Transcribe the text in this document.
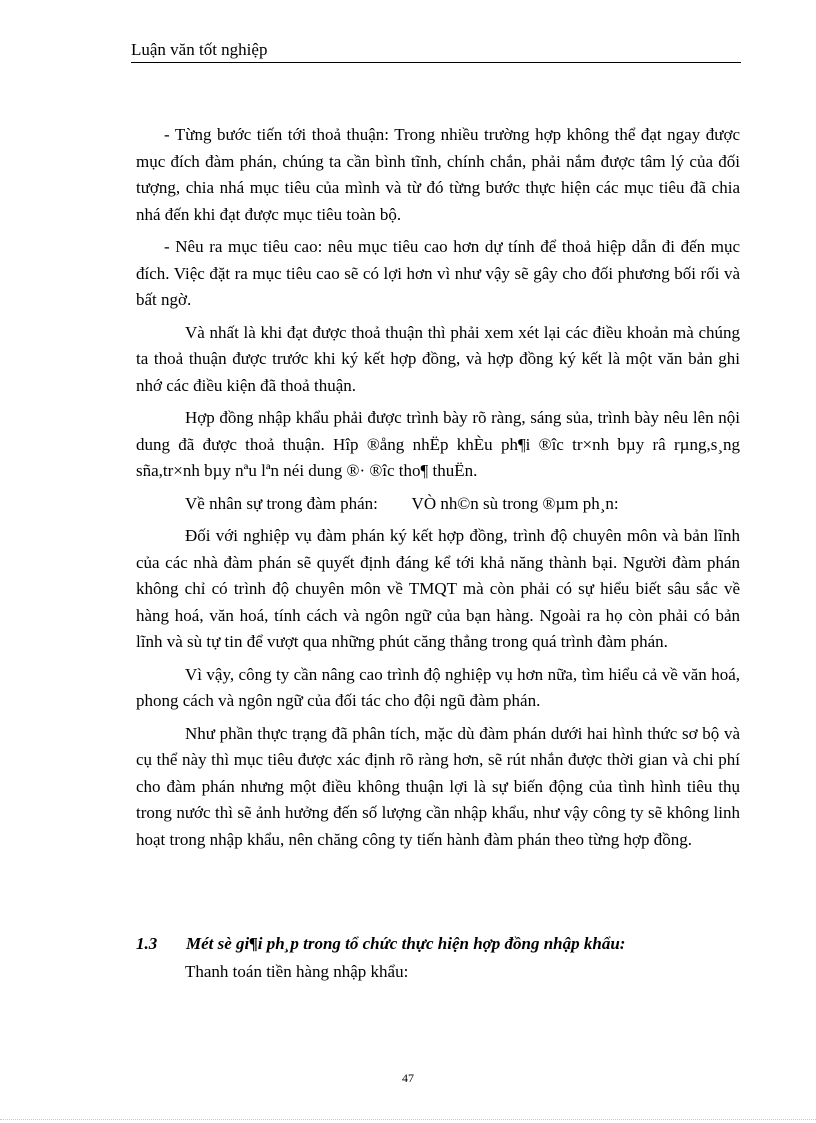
Luận văn tốt nghiệp

- Từng bước tiến tới thoả thuận: Trong nhiều trường hợp không thể đạt ngay được mục đích đàm phán, chúng ta cần bình tĩnh, chính chắn, phải nắm được tâm lý của đối tượng, chia nhá mục tiêu của mình và từ đó từng bước thực hiện các mục tiêu đã chia nhá đến khi đạt được mục tiêu toàn bộ.

- Nêu ra mục tiêu cao: nêu mục tiêu cao hơn dự tính để thoả hiệp dẫn đi đến mục đích. Việc đặt ra mục tiêu cao sẽ có lợi hơn vì như vậy sẽ gây cho đối phương bối rối và bất ngờ.

Và nhất là khi đạt được thoả thuận thì phải xem xét lại các điều khoản mà chúng ta thoả thuận được trước khi ký kết hợp đồng, và hợp đồng ký kết là một văn bản ghi nhớ các điều kiện đã thoả thuận.

Hợp đồng nhập khẩu phải được trình bày rõ ràng, sáng sủa, trình bày nêu lên nội dung đã được thoả thuận. Hîp ®ång nhËp khÈu ph¶i ®îc tr×nh bµy râ rµng,s¸ng sña,tr×nh bµy nªu lªn néi dung ®· ®îc tho¶ thuËn.

Về nhân sự trong đàm phán:        VÒ nh©n sù trong ®µm ph¸n:

Đối với nghiệp vụ đàm phán ký kết hợp đồng, trình độ chuyên môn và bản lĩnh của các nhà đàm phán sẽ quyết định đáng kể tới khả năng thành bại. Người đàm phán không chỉ có trình độ chuyên môn về TMQT mà còn phải có sự hiểu biết sâu sắc về hàng hoá, văn hoá, tính cách và ngôn ngữ của bạn hàng. Ngoài ra họ còn phải có bản lĩnh và sù tự tin để vượt qua những phút căng thẳng trong quá trình đàm phán.

Vì vậy, công ty cần nâng cao trình độ nghiệp vụ hơn nữa, tìm hiểu cả về văn hoá, phong cách và ngôn ngữ của đối tác cho đội ngũ đàm phán.

Như phần thực trạng đã phân tích, mặc dù đàm phán dưới hai hình thức sơ bộ và cụ thể này thì mục tiêu được xác định rõ ràng hơn, sẽ rút nhắn được thời gian và chi phí cho đàm phán nhưng một điều không thuận lợi là sự biến động của tình hình tiêu thụ trong nước thì sẽ ảnh hưởng đến số lượng cần nhập khẩu, như vậy công ty sẽ không linh hoạt trong nhập khẩu, nên chăng công ty tiến hành đàm phán theo từng hợp đồng.

1.3 Mét sè gi¶i ph¸p trong tổ chức thực hiện hợp đồng nhập khẩu:
Thanh toán tiền hàng nhập khẩu:
47
